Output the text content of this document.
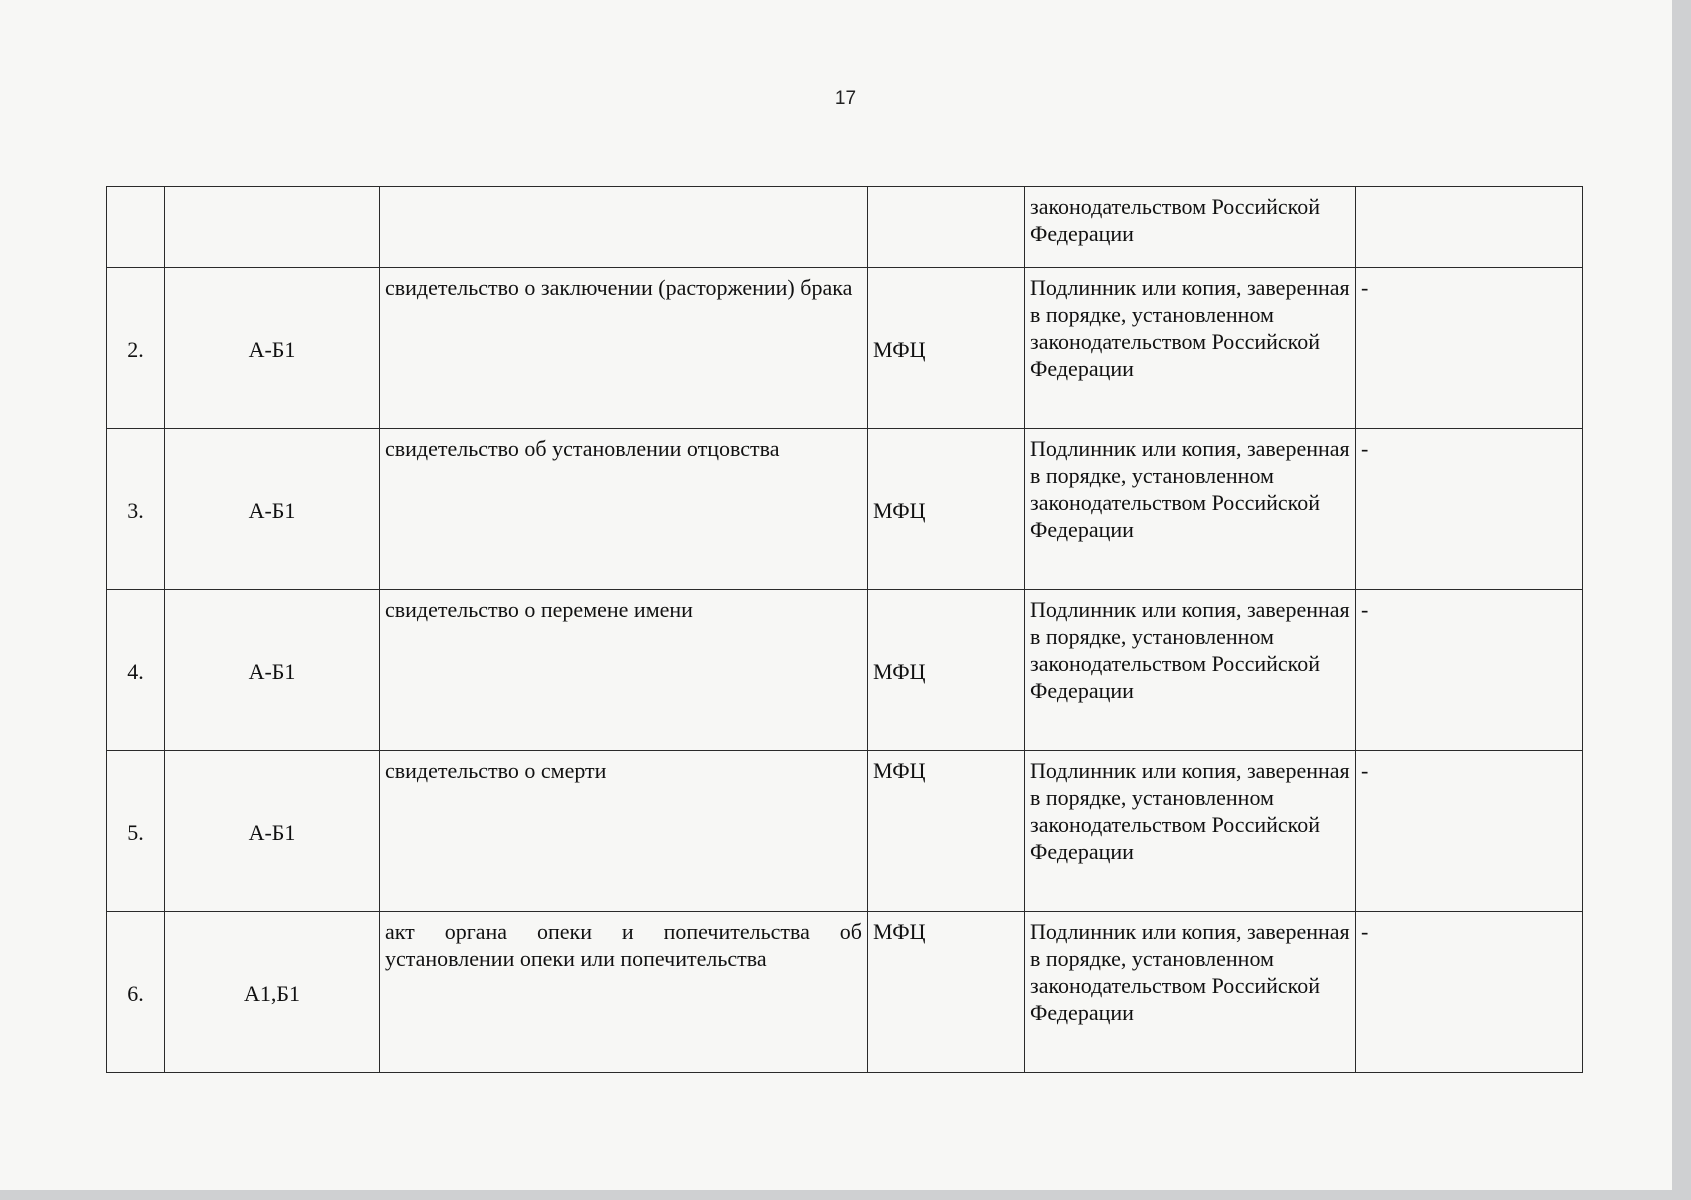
17
				законодательством Российской Федерации	
2.	А-Б1	свидетельство о заключении (расторжении) брака	МФЦ	Подлинник или копия, заверенная в порядке, установленном законодательством Российской Федерации	-
3.	А-Б1	свидетельство об установлении отцовства	МФЦ	Подлинник или копия, заверенная в порядке, установленном законодательством Российской Федерации	-
4.	А-Б1	свидетельство о перемене имени	МФЦ	Подлинник или копия, заверенная в порядке, установленном законодательством Российской Федерации	-
5.	А-Б1	свидетельство о смерти	МФЦ	Подлинник или копия, заверенная в порядке, установленном законодательством Российской Федерации	-
6.	А1,Б1	акт органа опеки и попечительства об установлении опеки или попечительства	МФЦ	Подлинник или копия, заверенная в порядке, установленном законодательством Российской Федерации	-
